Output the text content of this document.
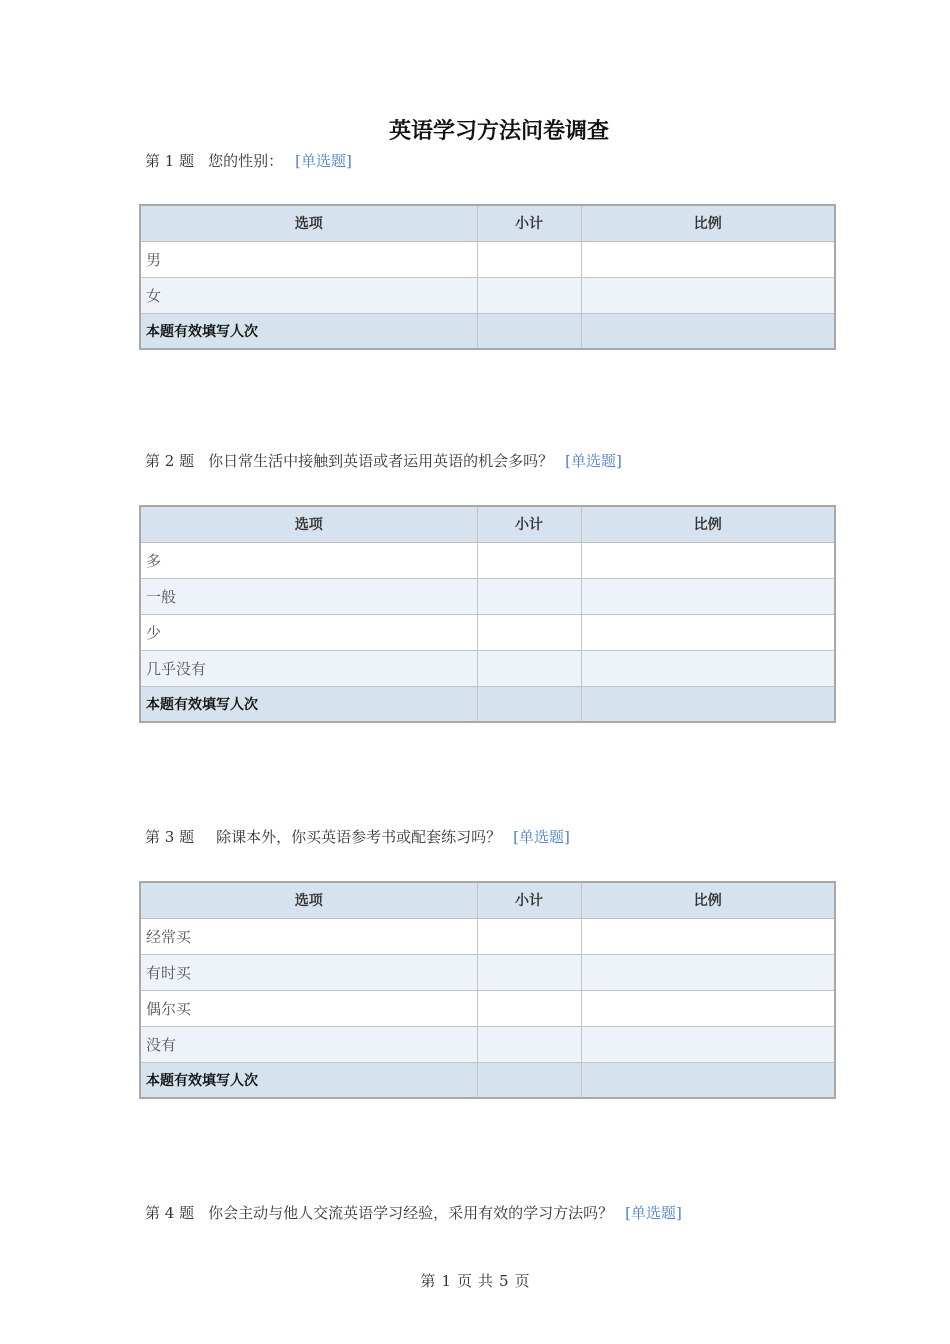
英语学习方法问卷调查
第 1 题 您的性别： [单选题]
选项	小计	比例
男		
女		
本题有效填写人次		
第 2 题 你日常生活中接触到英语或者运用英语的机会多吗？ [单选题]
选项	小计	比例
多		
一般		
少		
几乎没有		
本题有效填写人次		
第 3 题 除课本外，你买英语参考书或配套练习吗？ [单选题]
选项	小计	比例
经常买		
有时买		
偶尔买		
没有		
本题有效填写人次		
第 4 题 你会主动与他人交流英语学习经验，采用有效的学习方法吗？ [单选题]
第 1 页 共 5 页
